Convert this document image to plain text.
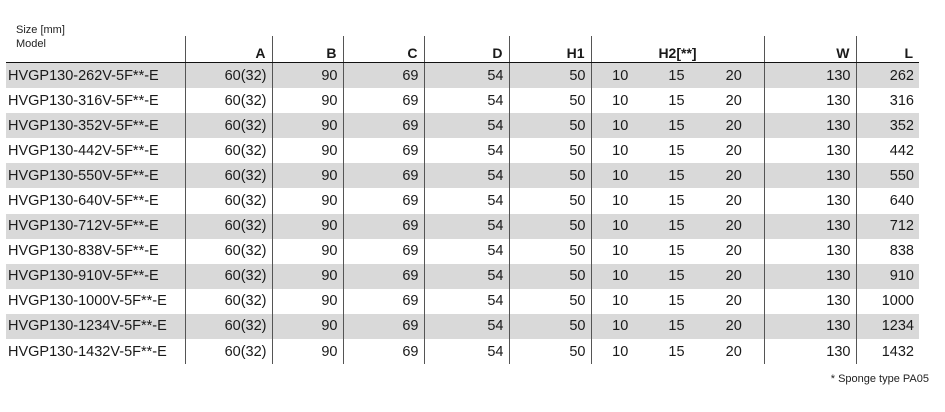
Size [mm]
Model
	A	B	C	D	H1	H2[**]			W	L
HVGP130-262V-5F**-E	60(32)	90	69	54	50	10	15	20	130	262
HVGP130-316V-5F**-E	60(32)	90	69	54	50	10	15	20	130	316
HVGP130-352V-5F**-E	60(32)	90	69	54	50	10	15	20	130	352
HVGP130-442V-5F**-E	60(32)	90	69	54	50	10	15	20	130	442
HVGP130-550V-5F**-E	60(32)	90	69	54	50	10	15	20	130	550
HVGP130-640V-5F**-E	60(32)	90	69	54	50	10	15	20	130	640
HVGP130-712V-5F**-E	60(32)	90	69	54	50	10	15	20	130	712
HVGP130-838V-5F**-E	60(32)	90	69	54	50	10	15	20	130	838
HVGP130-910V-5F**-E	60(32)	90	69	54	50	10	15	20	130	910
HVGP130-1000V-5F**-E	60(32)	90	69	54	50	10	15	20	130	1000
HVGP130-1234V-5F**-E	60(32)	90	69	54	50	10	15	20	130	1234
HVGP130-1432V-5F**-E	60(32)	90	69	54	50	10	15	20	130	1432
* Sponge type PA05
